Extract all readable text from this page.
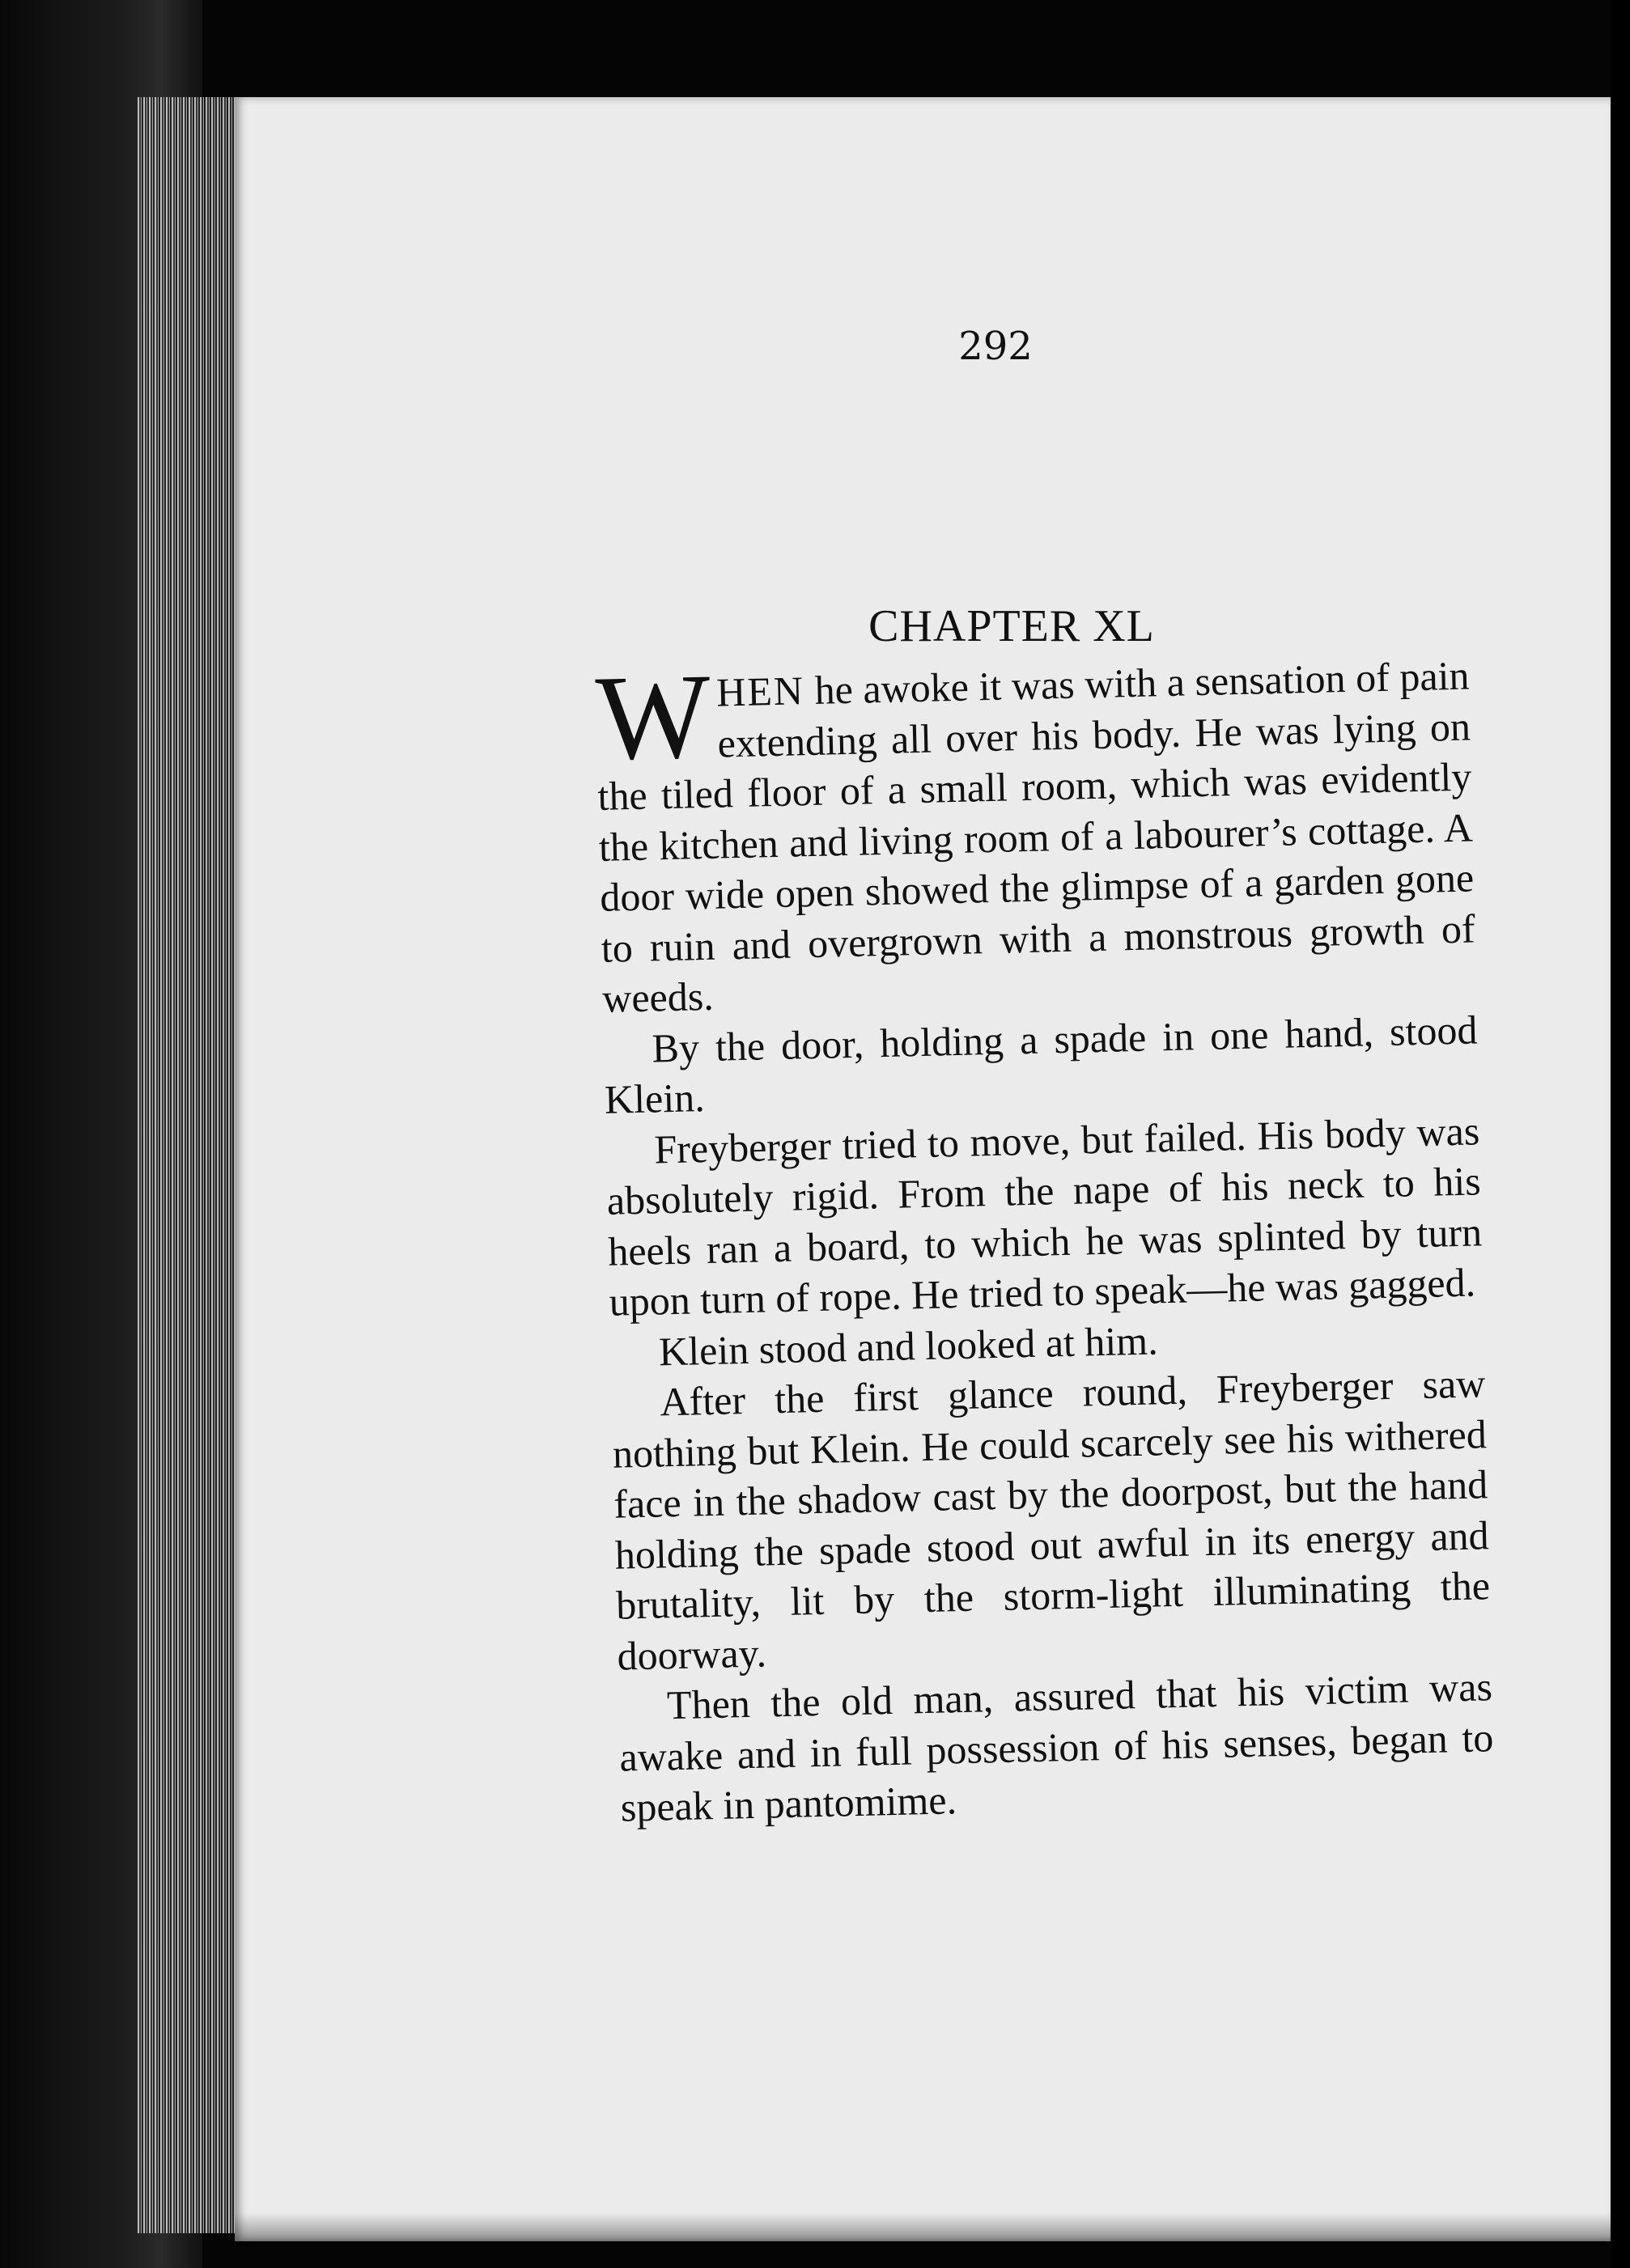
292
CHAPTER XL

WHEN he awoke it was with a sensation of pain extending all over his body. He was lying on the tiled floor of a small room, which was evidently the kitchen and living room of a labourer’s cottage. A door wide open showed the glimpse of a garden gone to ruin and overgrown with a monstrous growth of weeds.

By the door, holding a spade in one hand, stood Klein.

Freyberger tried to move, but failed. His body was absolutely rigid. From the nape of his neck to his heels ran a board, to which he was splinted by turn upon turn of rope. He tried to speak—he was gagged.

Klein stood and looked at him.

After the first glance round, Freyberger saw nothing but Klein. He could scarcely see his withered face in the shadow cast by the doorpost, but the hand holding the spade stood out awful in its energy and brutality, lit by the storm-light illuminating the doorway.

Then the old man, assured that his victim was awake and in full possession of his senses, began to speak in pantomime.
